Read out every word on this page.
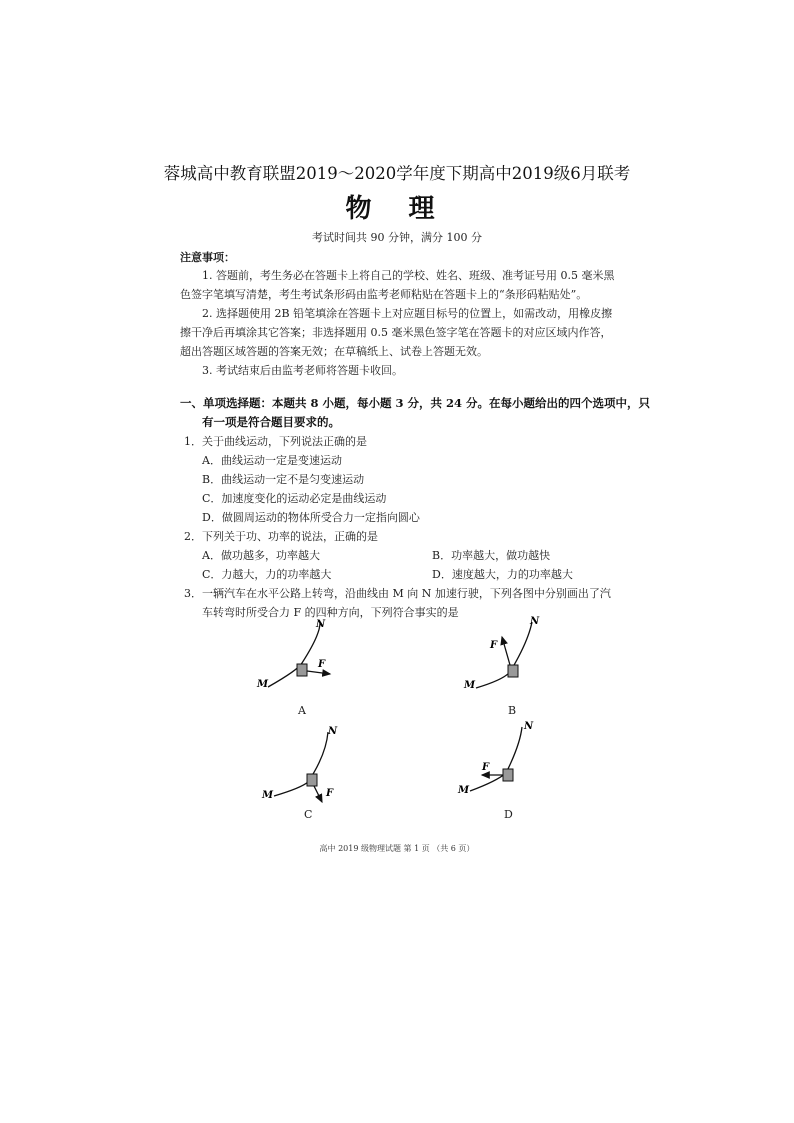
蓉城高中教育联盟2019～2020学年度下期高中2019级6月联考
物 理
考试时间共 90 分钟，满分 100 分
注意事项：
1. 答题前，考生务必在答题卡上将自己的学校、姓名、班级、准考证号用 0.5 毫米黑
色签字笔填写清楚，考生考试条形码由监考老师粘贴在答题卡上的“条形码粘贴处”。
2. 选择题使用 2B 铅笔填涂在答题卡上对应题目标号的位置上，如需改动，用橡皮擦
擦干净后再填涂其它答案；非选择题用 0.5 毫米黑色签字笔在答题卡的对应区域内作答，
超出答题区域答题的答案无效；在草稿纸上、试卷上答题无效。
3. 考试结束后由监考老师将答题卡收回。
一、单项选择题：本题共 8 小题，每小题 3 分，共 24 分。在每小题给出的四个选项中，只
有一项是符合题目要求的。
1．关于曲线运动，下列说法正确的是
A．曲线运动一定是变速运动
B．曲线运动一定不是匀变速运动
C．加速度变化的运动必定是曲线运动
D．做圆周运动的物体所受合力一定指向圆心
2．下列关于功、功率的说法，正确的是
A．做功越多，功率越大	B．功率越大，做功越快
C．力越大，力的功率越大	D．速度越大，力的功率越大
3．一辆汽车在水平公路上转弯，沿曲线由 M 向 N 加速行驶，下列各图中分别画出了汽
车转弯时所受合力 F 的四种方向，下列符合事实的是
M
N
F
A
M
N
F
B
M
N
F
C
M
N
F
D
高中 2019 级物理试题 第 1 页 （共 6 页）
